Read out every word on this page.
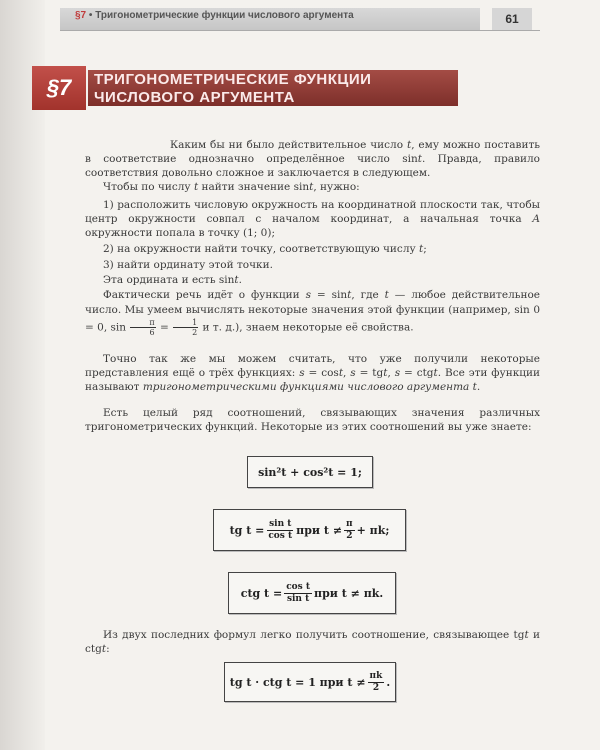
§7 • Тригонометрические функции числового аргумента	61
§7	ТРИГОНОМЕТРИЧЕСКИЕ ФУНКЦИИ
ЧИСЛОВОГО АРГУМЕНТА
Каким бы ни было действительное число t, ему можно поставить в соответствие однозначно определённое число sint. Правда, правило соответствия довольно сложное и заключается в следующем.
Чтобы по числу t найти значение sint, нужно:
1) расположить числовую окружность на координатной плоскости так, чтобы центр окружности совпал с началом координат, а начальная точка A окружности попала в точку (1; 0);
2) на окружности найти точку, соответствующую числу t;
3) найти ординату этой точки.
Эта ордината и есть sint.
Фактически речь идёт о функции s = sint, где t — любое действительное число. Мы умеем вычислять некоторые значения этой функции (например, sin 0 = 0, $\sin \frac{\pi}{6} = \frac{1}{2}$ и т. д.), знаем некоторые её свойства.
Точно так же мы можем считать, что уже получили некоторые представления ещё о трёх функциях: s = cost, s = tgt, s = ctgt. Все эти функции называют тригонометрическими функциями числового аргумента t.
Есть целый ряд соотношений, связывающих значения различных тригонометрических функций. Некоторые из этих соотношений вы уже знаете:
sin²t + cos²t = 1;
tg $t = \frac{\text{sin t}}{\text{cos t}}$ при $t \ne \frac{\pi}{2} + \pi k$;
ctg $t = \frac{\text{cos t}}{\text{sin t}}$ при t ≠ πk.
Из двух последних формул легко получить соотношение, связывающее tgt и ctgt:
tg t · ctg t = 1 при $t \ne \frac{\pi k}{2}$ .
